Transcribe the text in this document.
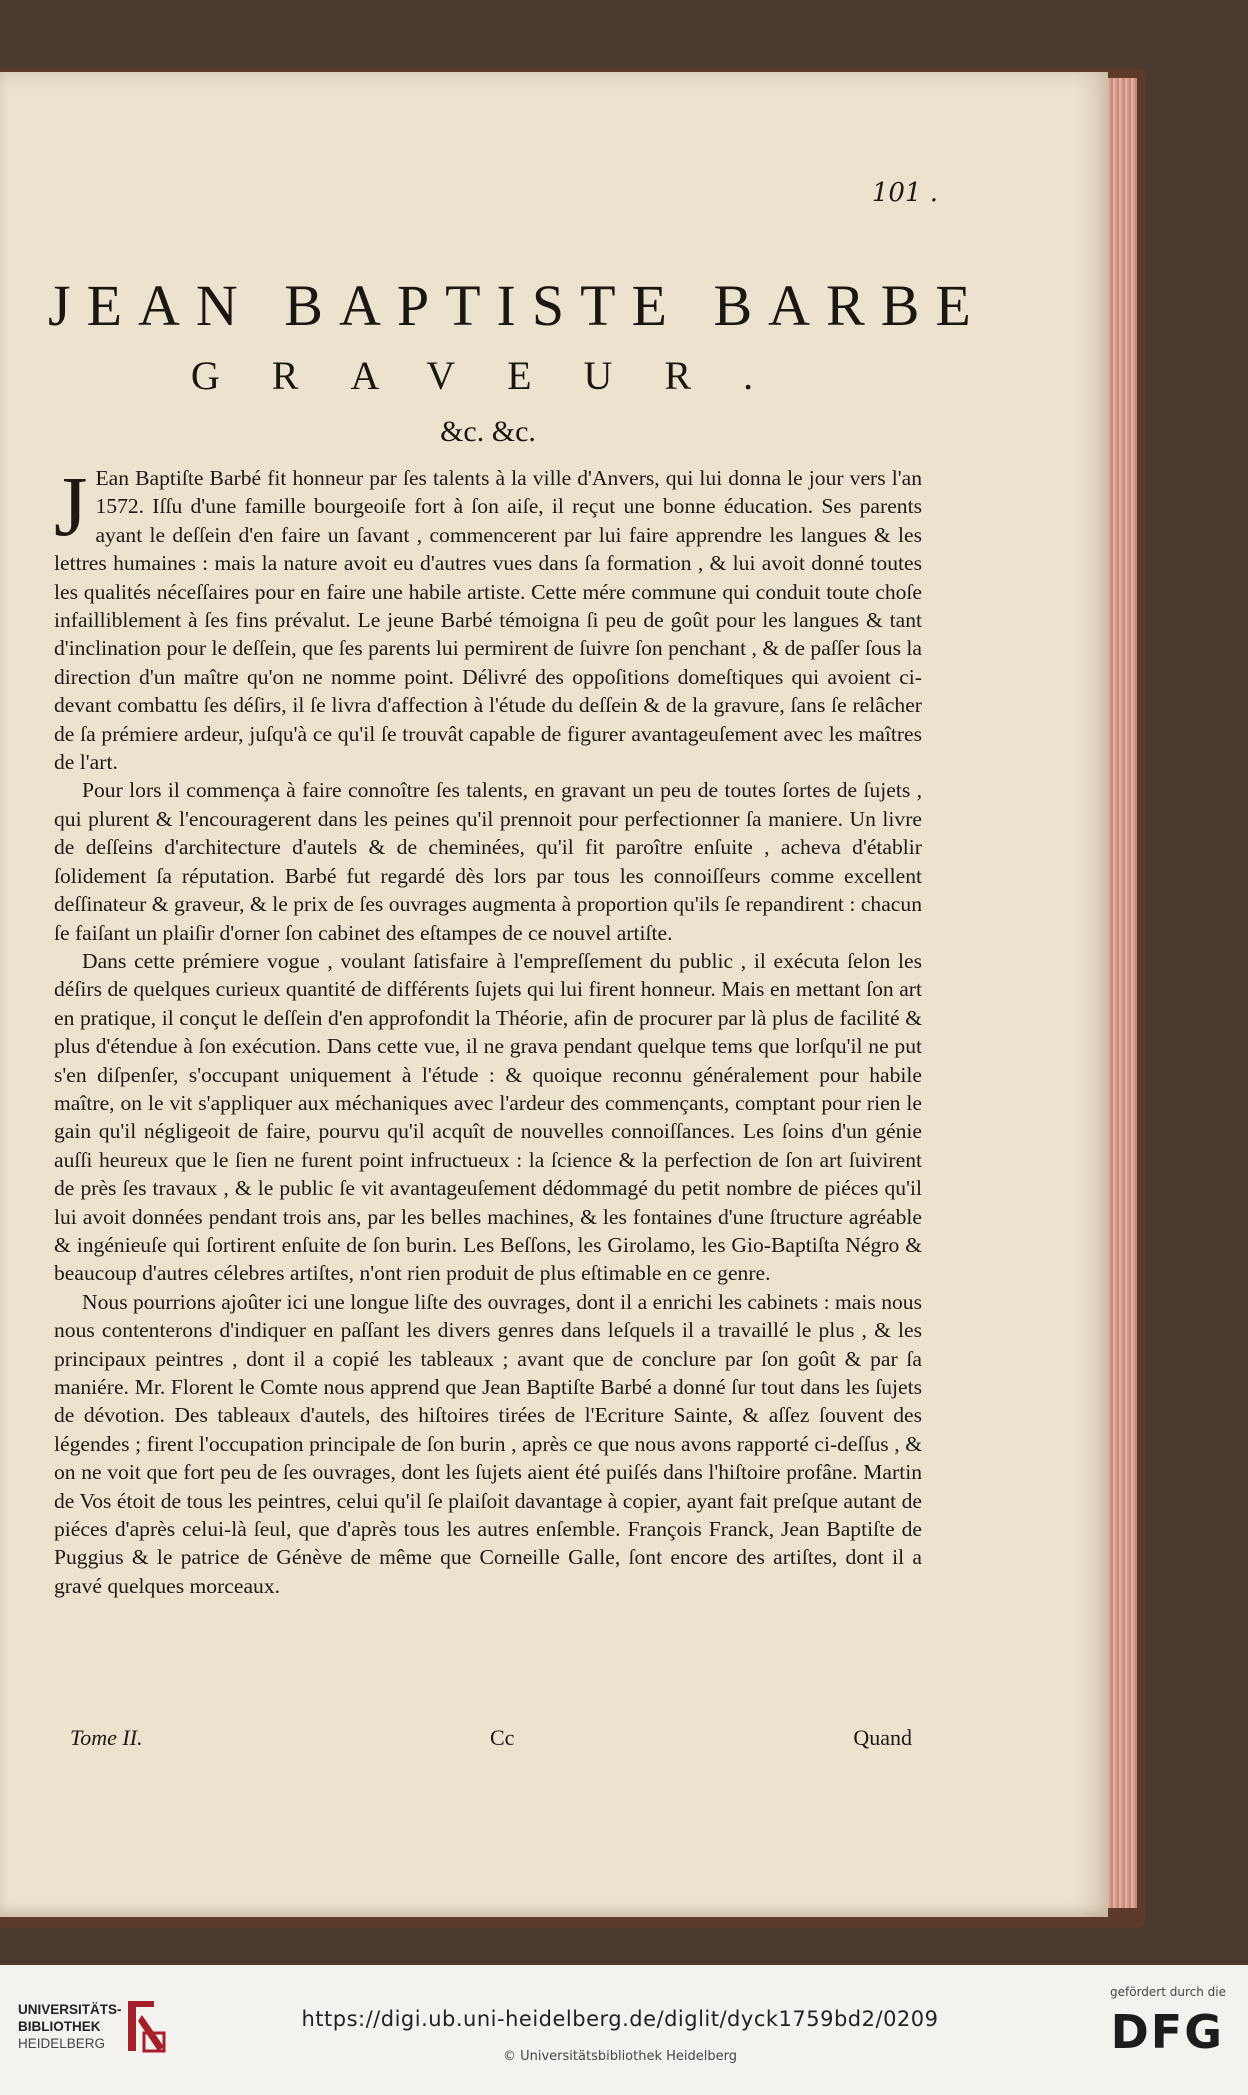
101 .
JEAN BAPTISTE BARBE
GRAVEUR.
&c. &c.

J Ean Baptiſte Barbé fit honneur par ſes talents à la ville d'Anvers, qui lui donna le jour vers l'an 1572. Iſſu d'une famille bourgeoiſe fort à ſon aiſe, il reçut une bonne éducation. Ses parents ayant le deſſein d'en faire un ſavant , commencerent par lui faire apprendre les langues & les lettres humaines : mais la nature avoit eu d'autres vues dans ſa formation , & lui avoit donné toutes les qualités néceſſaires pour en faire une habile artiste. Cette mére commune qui conduit toute choſe infailliblement à ſes fins prévalut. Le jeune Barbé témoigna ſi peu de goût pour les langues & tant d'inclination pour le deſſein, que ſes parents lui permirent de ſuivre ſon penchant , & de paſſer ſous la direction d'un maître qu'on ne nomme point. Délivré des oppoſitions domeſtiques qui avoient ci-devant combattu ſes déſirs, il ſe livra d'affection à l'étude du deſſein & de la gravure, ſans ſe relâcher de ſa prémiere ardeur, juſqu'à ce qu'il ſe trouvât capable de figurer avantageuſement avec les maîtres de l'art.

Pour lors il commença à faire connoître ſes talents, en gravant un peu de toutes ſortes de ſujets , qui plurent & l'encouragerent dans les peines qu'il prennoit pour perfectionner ſa maniere. Un livre de deſſeins d'architecture d'autels & de cheminées, qu'il fit paroître enſuite , acheva d'établir ſolidement ſa réputation. Barbé fut regardé dès lors par tous les connoiſſeurs comme excellent deſſinateur & graveur, & le prix de ſes ouvrages augmenta à proportion qu'ils ſe repandirent : chacun ſe faiſant un plaiſir d'orner ſon cabinet des eſtampes de ce nouvel artiſte.

Dans cette prémiere vogue , voulant ſatisfaire à l'empreſſement du public , il exécuta ſelon les déſirs de quelques curieux quantité de différents ſujets qui lui firent honneur. Mais en mettant ſon art en pratique, il conçut le deſſein d'en approfondit la Théorie, afin de procurer par là plus de facilité & plus d'étendue à ſon exécution. Dans cette vue, il ne grava pendant quelque tems que lorſqu'il ne put s'en diſpenſer, s'occupant uniquement à l'étude : & quoique reconnu généralement pour habile maître, on le vit s'appliquer aux méchaniques avec l'ardeur des commençants, comptant pour rien le gain qu'il négligeoit de faire, pourvu qu'il acquît de nouvelles connoiſſances. Les ſoins d'un génie auſſi heureux que le ſien ne furent point infructueux : la ſcience & la perfection de ſon art ſuivirent de près ſes travaux , & le public ſe vit avantageuſement dédommagé du petit nombre de piéces qu'il lui avoit données pendant trois ans, par les belles machines, & les fontaines d'une ſtructure agréable & ingénieuſe qui ſortirent enſuite de ſon burin. Les Beſſons, les Girolamo, les Gio-Baptiſta Négro & beaucoup d'autres célebres artiſtes, n'ont rien produit de plus eſtimable en ce genre.

Nous pourrions ajoûter ici une longue liſte des ouvrages, dont il a enrichi les cabinets : mais nous nous contenterons d'indiquer en paſſant les divers genres dans leſquels il a travaillé le plus , & les principaux peintres , dont il a copié les tableaux ; avant que de conclure par ſon goût & par ſa maniére. Mr. Florent le Comte nous apprend que Jean Baptiſte Barbé a donné ſur tout dans les ſujets de dévotion. Des tableaux d'autels, des hiſtoires tirées de l'Ecriture Sainte, & aſſez ſouvent des légendes ; firent l'occupation principale de ſon burin , après ce que nous avons rapporté ci-deſſus , & on ne voit que fort peu de ſes ouvrages, dont les ſujets aient été puiſés dans l'hiſtoire profâne. Martin de Vos étoit de tous les peintres, celui qu'il ſe plaiſoit davantage à copier, ayant fait preſque autant de piéces d'après celui-là ſeul, que d'après tous les autres enſemble. François Franck, Jean Baptiſte de Puggius & le patrice de Génève de même que Corneille Galle, ſont encore des artiſtes, dont il a gravé quelques morceaux.

Tome II.	Cc	Quand
UNIVERSITÄTS-
BIBLIOTHEK
HEIDELBERG
https://digi.ub.uni-heidelberg.de/diglit/dyck1759bd2/0209
© Universitätsbibliothek Heidelberg
gefördert durch die
DFG
